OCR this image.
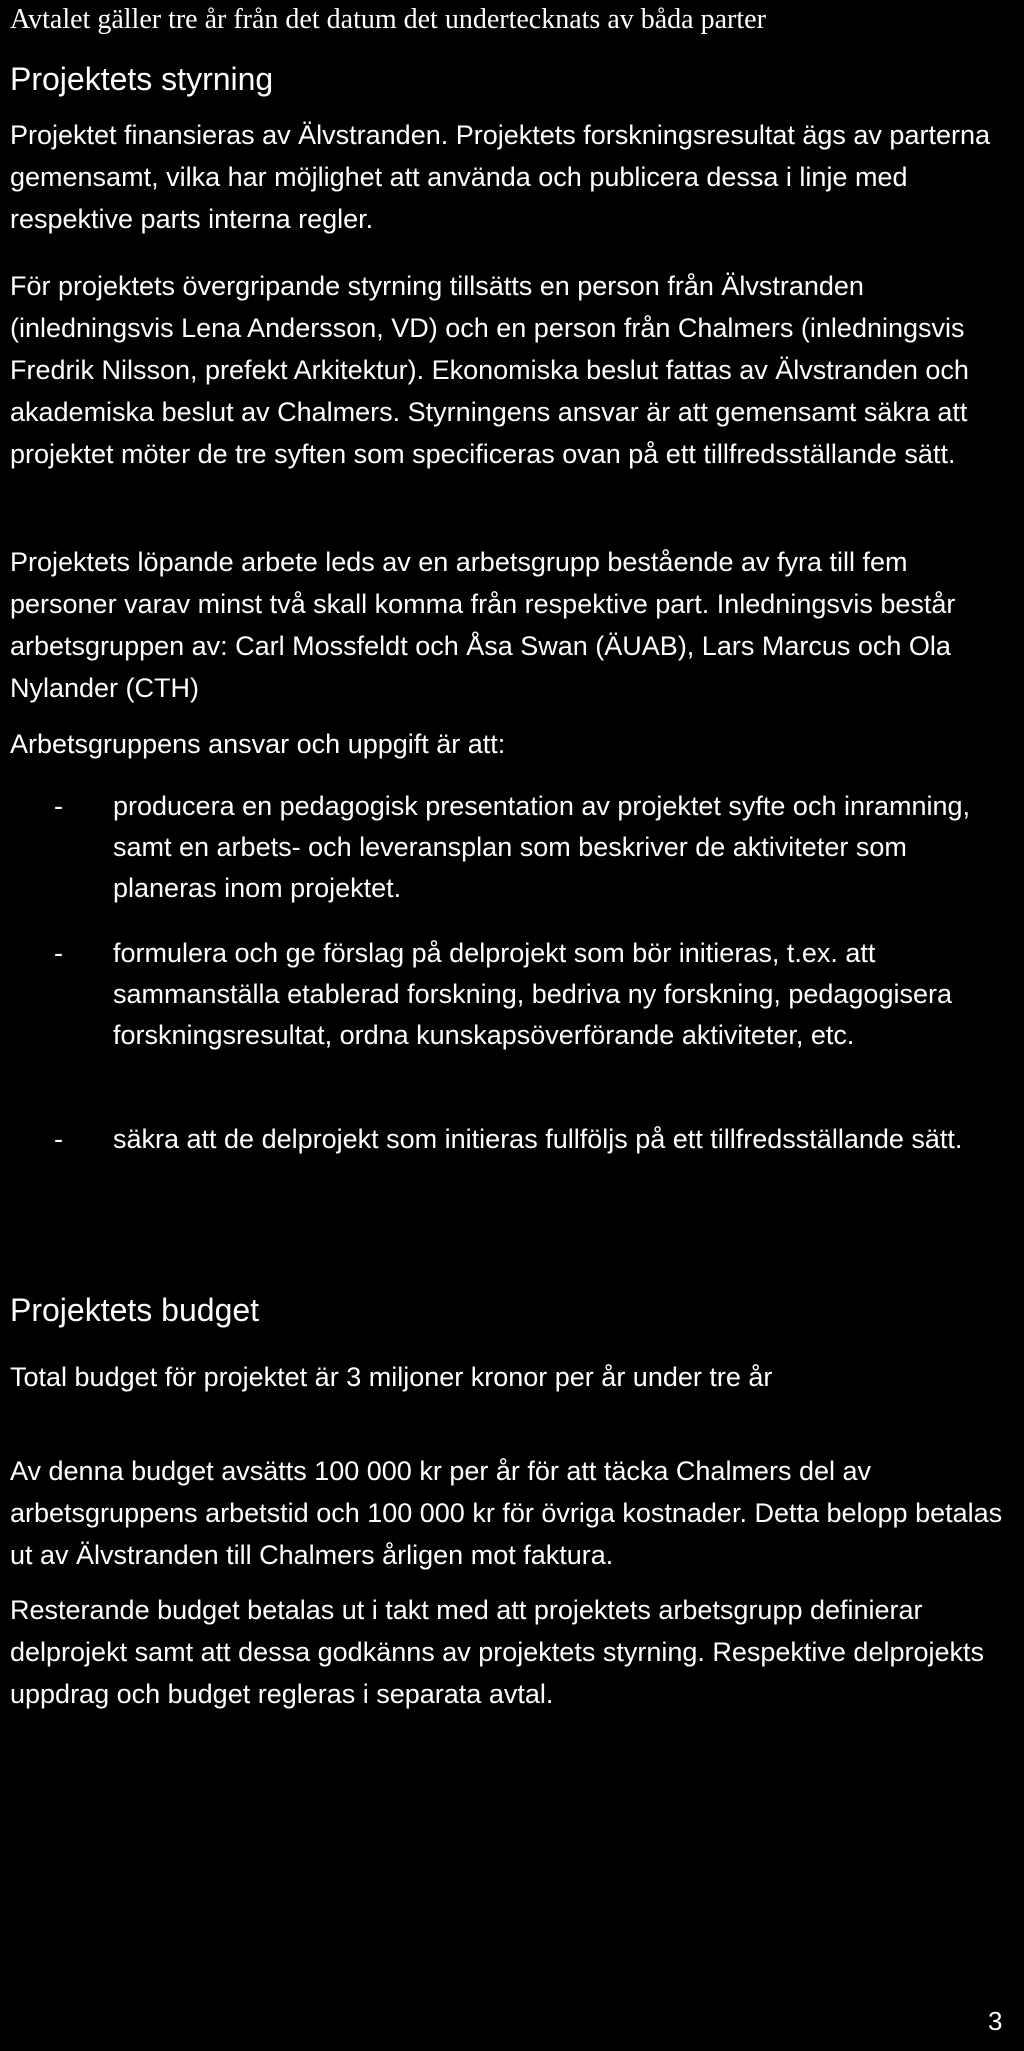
Avtalet gäller tre år från det datum det undertecknats av båda parter
Projektets styrning

Projektet finansieras av Älvstranden. Projektets forskningsresultat ägs av parterna gemensamt, vilka har möjlighet att använda och publicera dessa i linje med respektive parts interna regler.

För projektets övergripande styrning tillsätts en person från Älvstranden (inledningsvis Lena Andersson, VD) och en person från Chalmers (inledningsvis Fredrik Nilsson, prefekt Arkitektur). Ekonomiska beslut fattas av Älvstranden och akademiska beslut av Chalmers. Styrningens ansvar är att gemensamt säkra att projektet möter de tre syften som specificeras ovan på ett tillfredsställande sätt.

Projektets löpande arbete leds av en arbetsgrupp bestående av fyra till fem personer varav minst två skall komma från respektive part. Inledningsvis består arbetsgruppen av: Carl Mossfeldt och Åsa Swan (ÄUAB), Lars Marcus och Ola Nylander (CTH)

Arbetsgruppens ansvar och uppgift är att:

- producera en pedagogisk presentation av projektet syfte och inramning, samt en arbets- och leveransplan som beskriver de aktiviteter som planeras inom projektet.
- formulera och ge förslag på delprojekt som bör initieras, t.ex. att sammanställa etablerad forskning, bedriva ny forskning, pedagogisera forskningsresultat, ordna kunskapsöverförande aktiviteter, etc.
- säkra att de delprojekt som initieras fullföljs på ett tillfredsställande sätt.
Projektets budget

Total budget för projektet är 3 miljoner kronor per år under tre år

Av denna budget avsätts 100 000 kr per år för att täcka Chalmers del av arbetsgruppens arbetstid och 100 000 kr för övriga kostnader. Detta belopp betalas ut av Älvstranden till Chalmers årligen mot faktura.

Resterande budget betalas ut i takt med att projektets arbetsgrupp definierar delprojekt samt att dessa godkänns av projektets styrning. Respektive delprojekts uppdrag och budget regleras i separata avtal.

3
